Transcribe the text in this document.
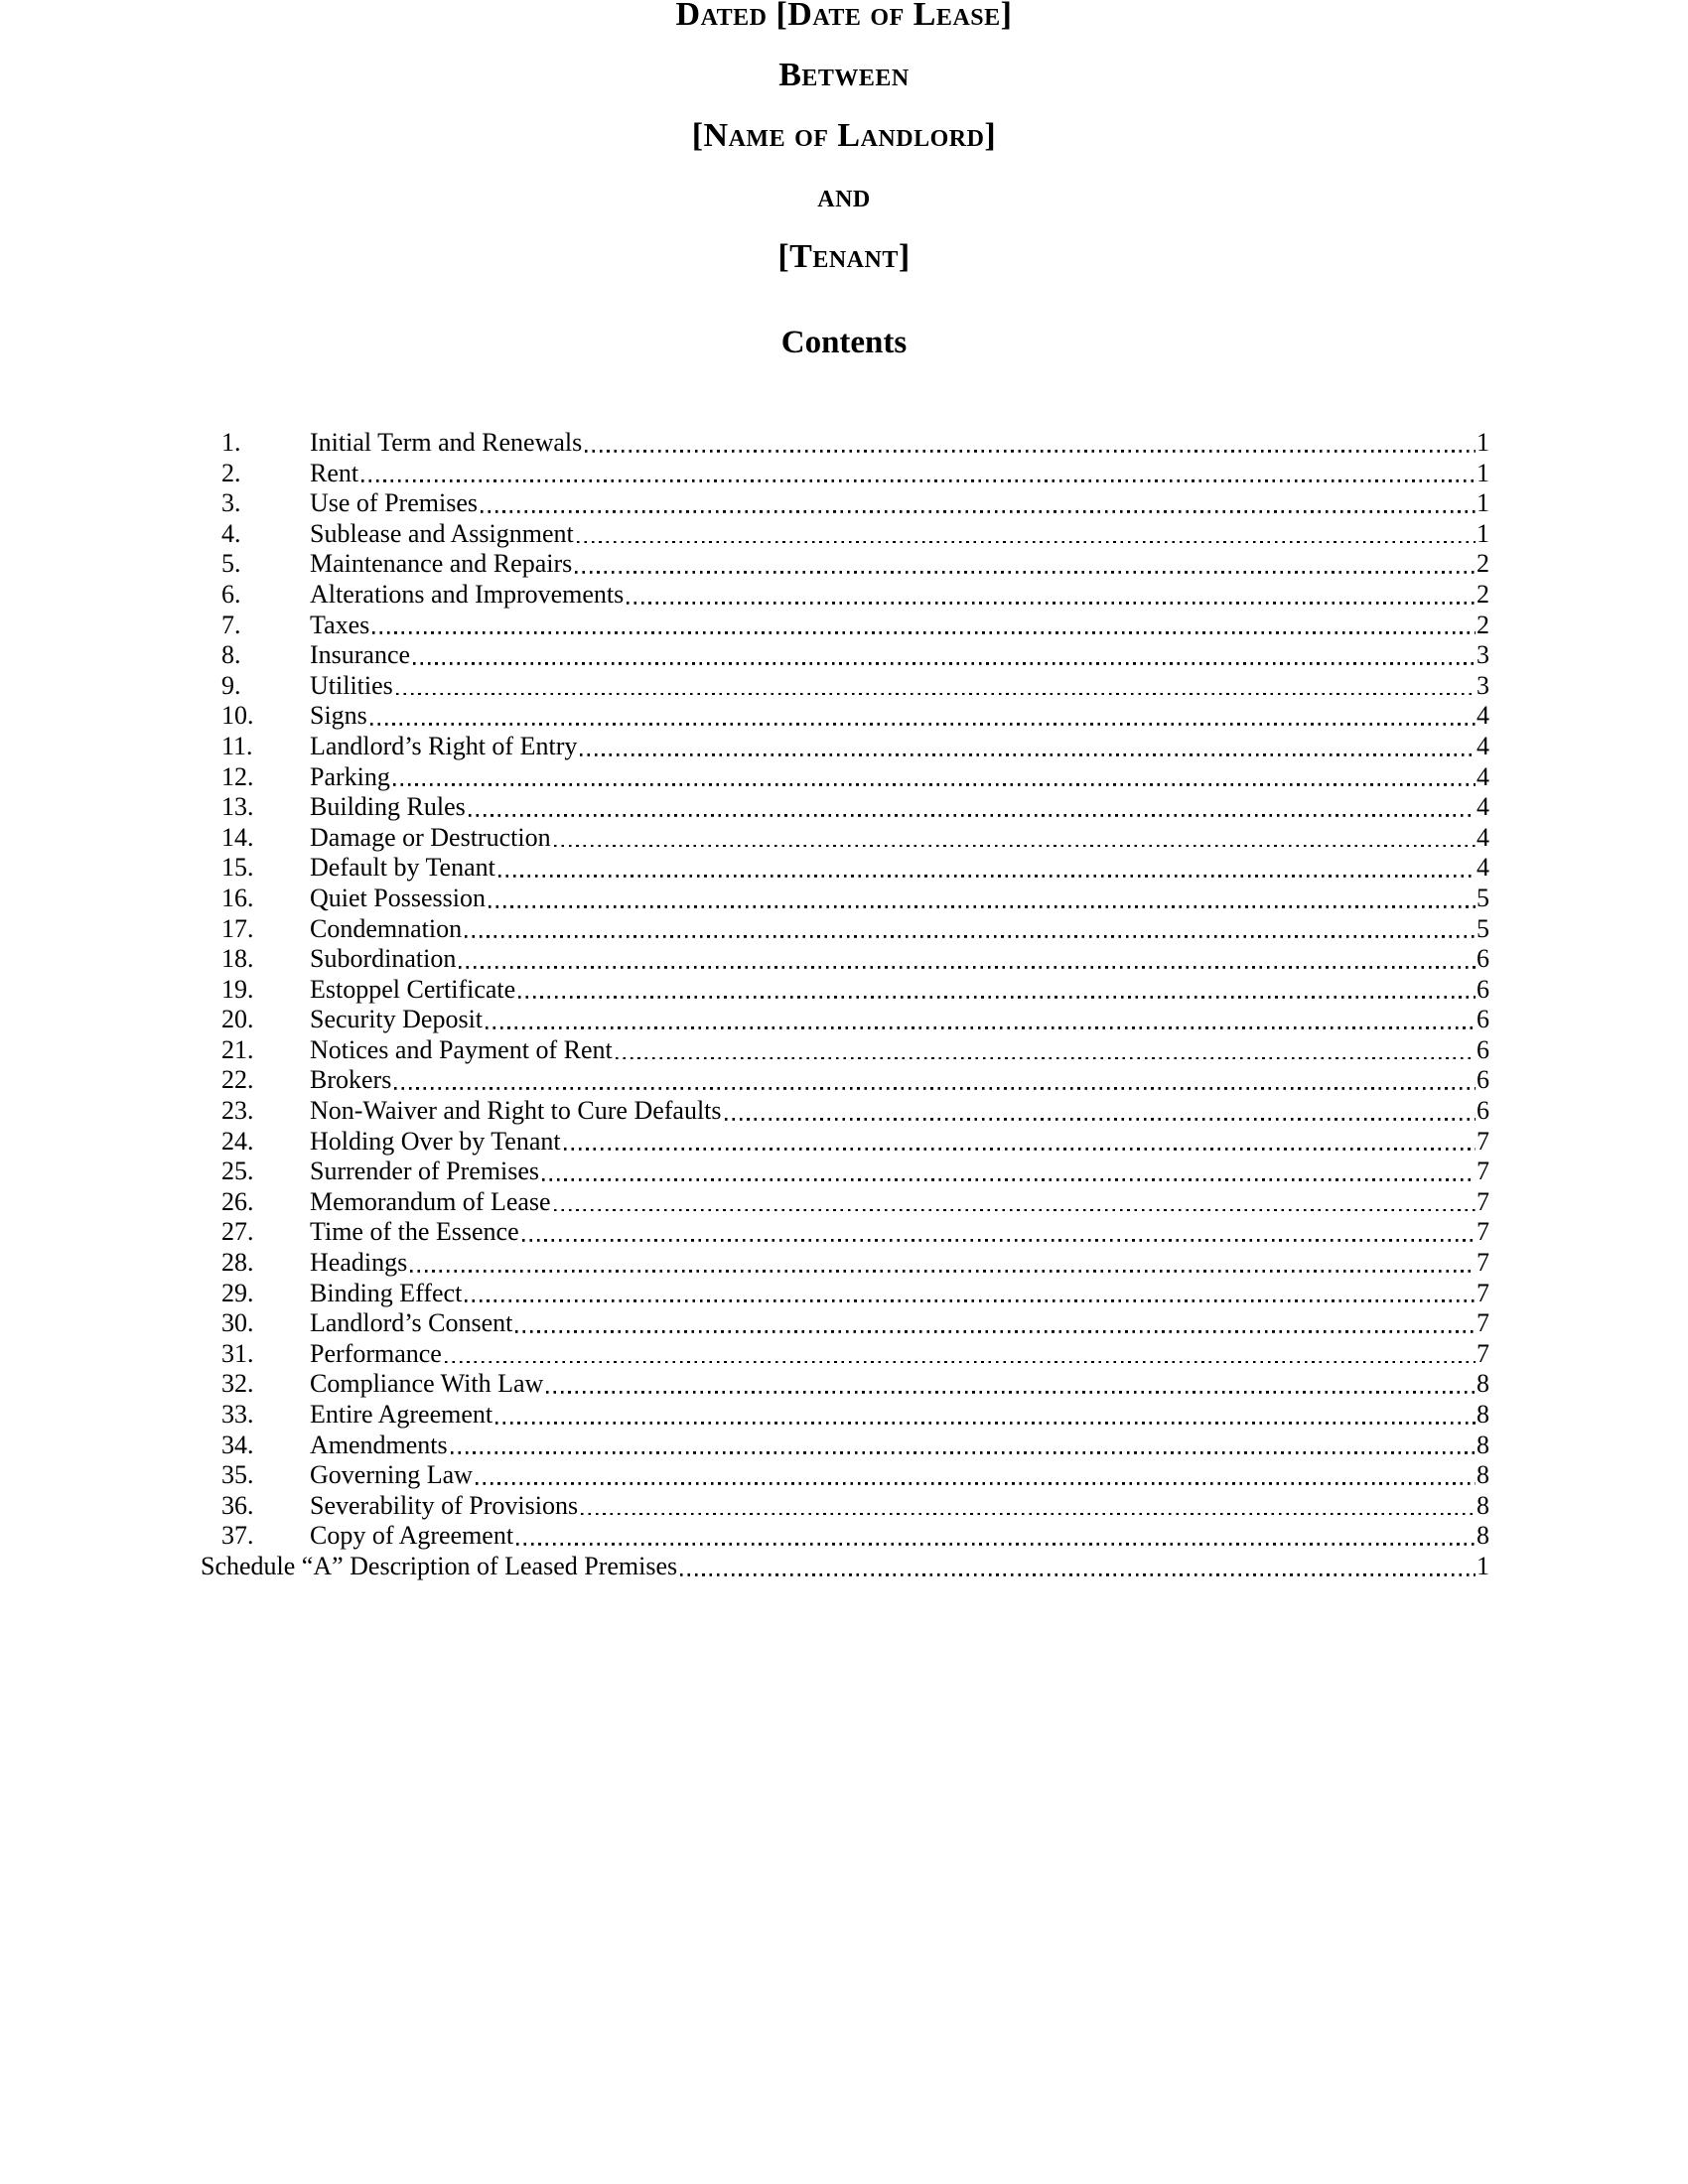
Dated [Date of Lease]
Between
[Name of Landlord]
and
[Tenant]
Contents
1.	Initial Term and Renewals	1
2.	Rent	1
3.	Use of Premises	1
4.	Sublease and Assignment	1
5.	Maintenance and Repairs	2
6.	Alterations and Improvements	2
7.	Taxes	2
8.	Insurance	3
9.	Utilities	3
10.	Signs	4
11.	Landlord’s Right of Entry	4
12.	Parking	4
13.	Building Rules	4
14.	Damage or Destruction	4
15.	Default by Tenant	4
16.	Quiet Possession	5
17.	Condemnation	5
18.	Subordination	6
19.	Estoppel Certificate	6
20.	Security Deposit	6
21.	Notices and Payment of Rent	6
22.	Brokers	6
23.	Non-Waiver and Right to Cure Defaults	6
24.	Holding Over by Tenant	7
25.	Surrender of Premises	7
26.	Memorandum of Lease	7
27.	Time of the Essence	7
28.	Headings	7
29.	Binding Effect	7
30.	Landlord’s Consent	7
31.	Performance	7
32.	Compliance With Law	8
33.	Entire Agreement	8
34.	Amendments	8
35.	Governing Law	8
36.	Severability of Provisions	8
37.	Copy of Agreement	8
Schedule “A” Description of Leased Premises	1
